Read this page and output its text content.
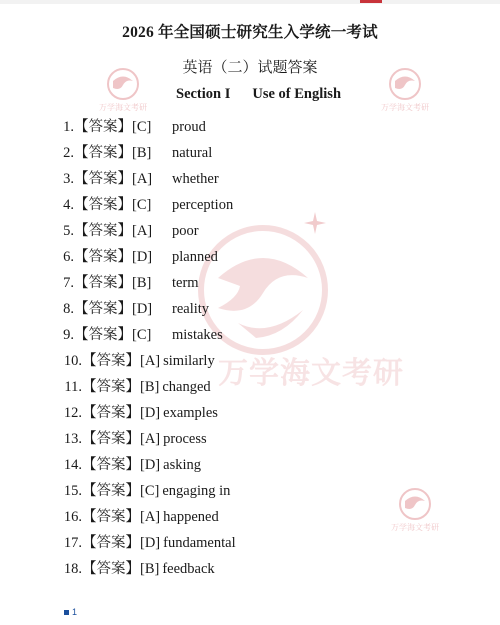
万学海文考研
万学海文考研	万学海文考研
万学海文考研
2026 年全国硕士研究生入学统一考试
英语（二）试题答案
Section I Use of English
1. 【答案】 [C]	proud
2. 【答案】 [B]	natural
3. 【答案】 [A]	whether
4. 【答案】 [C]	perception
5. 【答案】 [A]	poor
6. 【答案】 [D]	planned
7. 【答案】 [B]	term
8. 【答案】 [D]	reality
9. 【答案】 [C]	mistakes
10. 【答案】 [A] similarly
11. 【答案】 [B] changed
12. 【答案】 [D] examples
13. 【答案】 [A] process
14. 【答案】 [D] asking
15. 【答案】 [C] engaging in
16. 【答案】 [A] happened
17. 【答案】 [D] fundamental
18. 【答案】 [B] feedback
1
